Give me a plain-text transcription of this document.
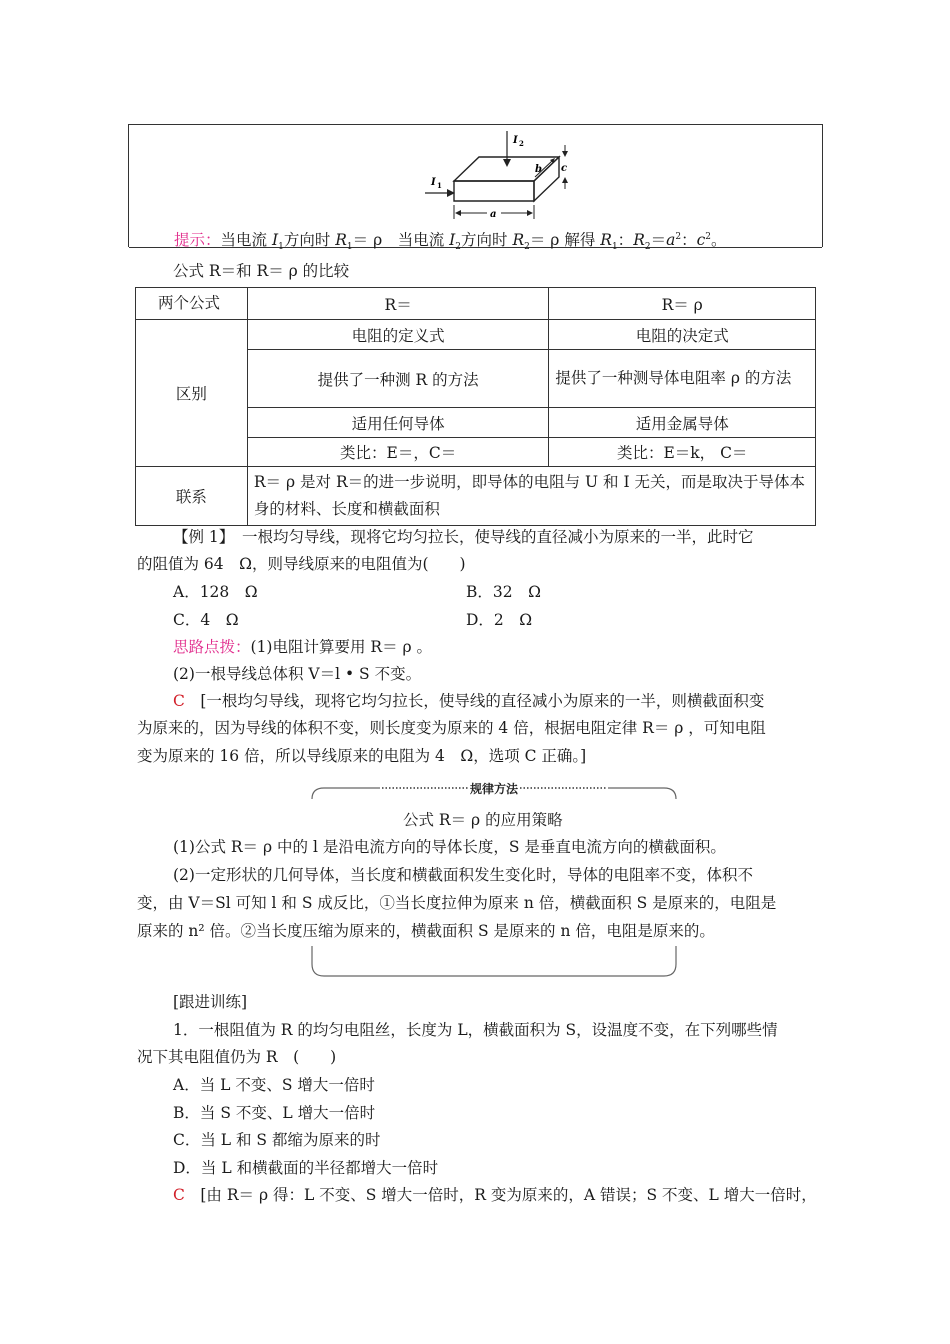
I 2
b c
I 1
a
提示：当电流 $I_1$方向时 $R_1= \rho$　当电流 $I_2$方向时 $R_2= \rho$ 解得 $R_1$：$R_2=a^2$：$c^2$。
公式 R＝和 R＝ ρ 的比较
两个公式	R＝	R＝ ρ
区别	电阻的定义式	电阻的决定式
	提供了一种测 R 的方法	提供了一种测导体电阻率 ρ 的方法
	适用任何导体	适用金属导体
	类比：E＝，C＝	类比：E＝k， C＝
联系	R＝ ρ 是对 R＝的进一步说明，即导体的电阻与 U 和 I 无关，而是取决于导体本身的材料、长度和横截面积	
【例 1】　一根均匀导线，现将它均匀拉长，使导线的直径减小为原来的一半，此时它
的阻值为 64　Ω，则导线原来的电阻值为(　　)
A．128　Ω	B．32　Ω
C．4　Ω	D．2　Ω
思路点拨：(1)电阻计算要用 R＝ ρ 。
(2)一根导线总体积 V＝l • S 不变。
C　[一根均匀导线，现将它均匀拉长，使导线的直径减小为原来的一半，则横截面积变
为原来的，因为导线的体积不变，则长度变为原来的 4 倍，根据电阻定律 R＝ ρ ，可知电阻
变为原来的 16 倍，所以导线原来的电阻为 4　Ω，选项 C 正确。]
规律方法
公式 R＝ ρ 的应用策略
(1)公式 R＝ ρ 中的 l 是沿电流方向的导体长度，S 是垂直电流方向的横截面积。
(2)一定形状的几何导体，当长度和横截面积发生变化时，导体的电阻率不变，体积不
变，由 V＝Sl 可知 l 和 S 成反比，①当长度拉伸为原来 n 倍，横截面积 S 是原来的，电阻是
原来的 n² 倍。②当长度压缩为原来的，横截面积 S 是原来的 n 倍，电阻是原来的。
[跟进训练]
1．一根阻值为 R 的均匀电阻丝，长度为 L，横截面积为 S，设温度不变，在下列哪些情
况下其电阻值仍为 R　(　　)
A．当 L 不变、S 增大一倍时
B．当 S 不变、L 增大一倍时
C．当 L 和 S 都缩为原来的时
D．当 L 和横截面的半径都增大一倍时
C　[由 R＝ ρ 得：L 不变、S 增大一倍时，R 变为原来的，A 错误；S 不变、L 增大一倍时，
